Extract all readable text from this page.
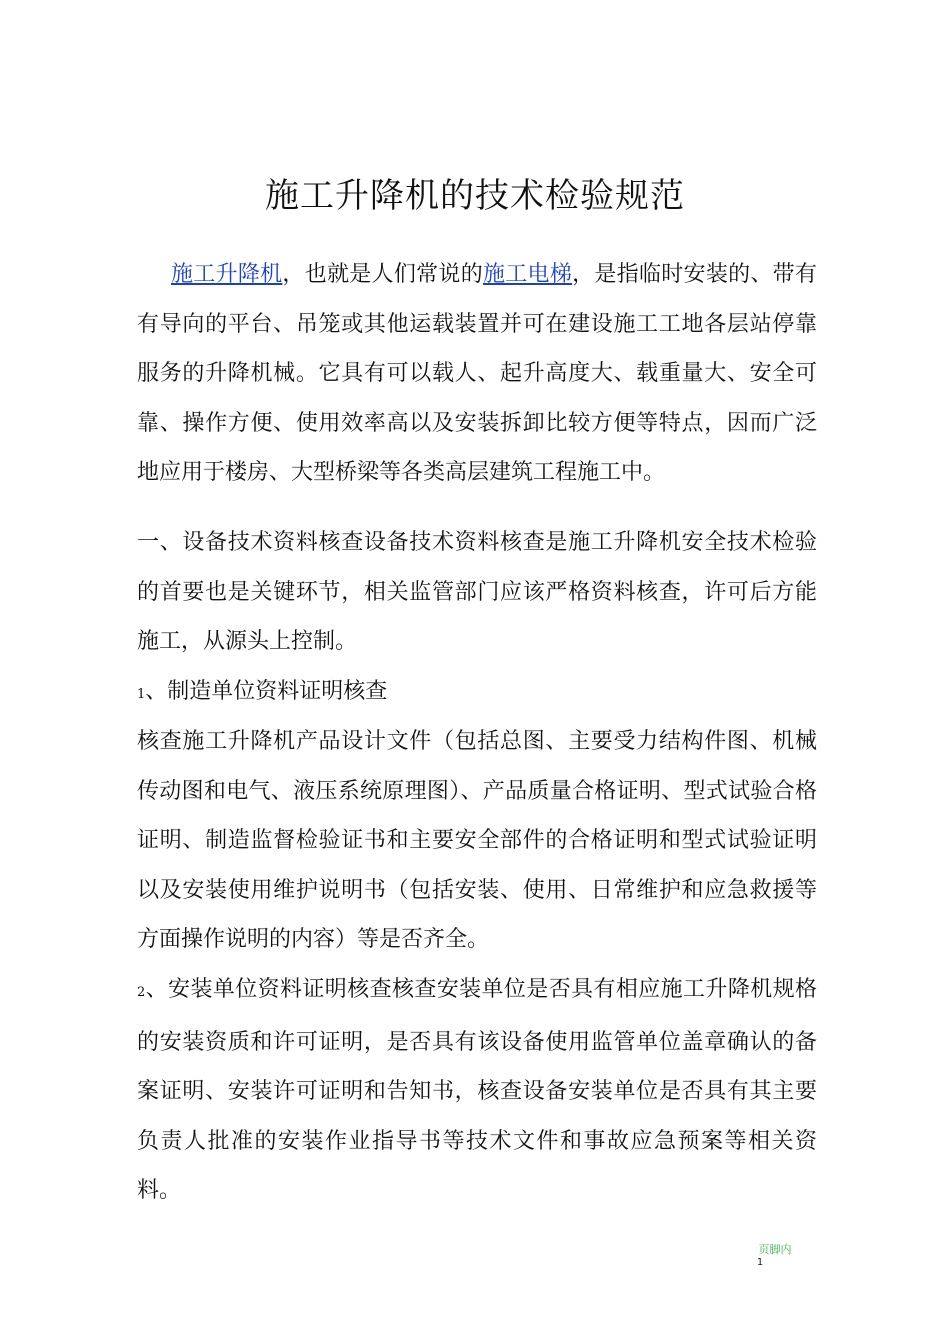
施工升降机的技术检验规范

施工升降机，也就是人们常说的施工电梯，是指临时安装的、带有有导向的平台、吊笼或其他运载装置并可在建设施工工地各层站停靠服务的升降机械。它具有可以载人、起升高度大、载重量大、安全可靠、操作方便、使用效率高以及安装拆卸比较方便等特点，因而广泛地应用于楼房、大型桥梁等各类高层建筑工程施工中。

一、设备技术资料核查设备技术资料核查是施工升降机安全技术检验的首要也是关键环节，相关监管部门应该严格资料核查，许可后方能施工，从源头上控制。

1、制造单位资料证明核查

核查施工升降机产品设计文件（包括总图、主要受力结构件图、机械传动图和电气、液压系统原理图）、产品质量合格证明、型式试验合格证明、制造监督检验证书和主要安全部件的合格证明和型式试验证明以及安装使用维护说明书（包括安装、使用、日常维护和应急救援等方面操作说明的内容）等是否齐全。

2、安装单位资料证明核查核查安装单位是否具有相应施工升降机规格的安装资质和许可证明，是否具有该设备使用监管单位盖章确认的备案证明、安装许可证明和告知书，核查设备安装单位是否具有其主要负责人批准的安装作业指导书等技术文件和事故应急预案等相关资料。

页脚内
1
